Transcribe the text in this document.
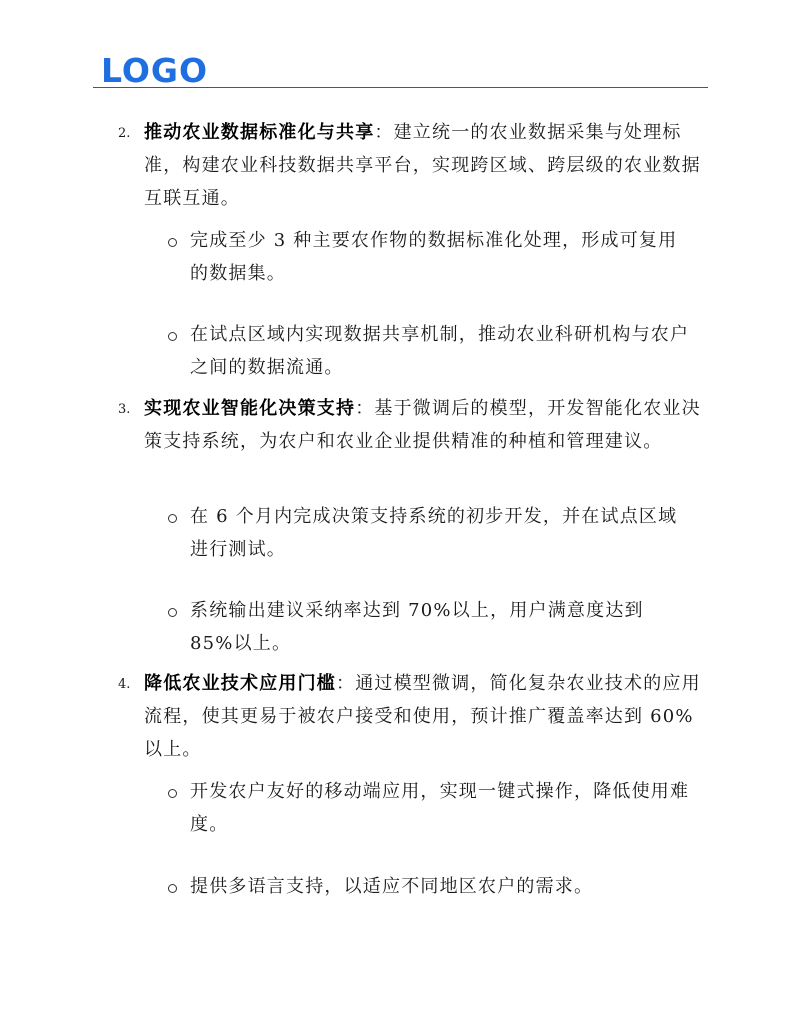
LOGO
2. 推动农业数据标准化与共享：建立统一的农业数据采集与处理标准，构建农业科技数据共享平台，实现跨区域、跨层级的农业数据互联互通。

完成至少 3 种主要农作物的数据标准化处理，形成可复用的数据集。

在试点区域内实现数据共享机制，推动农业科研机构与农户之间的数据流通。

3. 实现农业智能化决策支持：基于微调后的模型，开发智能化农业决策支持系统，为农户和农业企业提供精准的种植和管理建议。

在 6 个月内完成决策支持系统的初步开发，并在试点区域进行测试。

系统输出建议采纳率达到 70%以上，用户满意度达到 85%以上。

4. 降低农业技术应用门槛：通过模型微调，简化复杂农业技术的应用流程，使其更易于被农户接受和使用，预计推广覆盖率达到 60%以上。

开发农户友好的移动端应用，实现一键式操作，降低使用难度。

提供多语言支持，以适应不同地区农户的需求。
